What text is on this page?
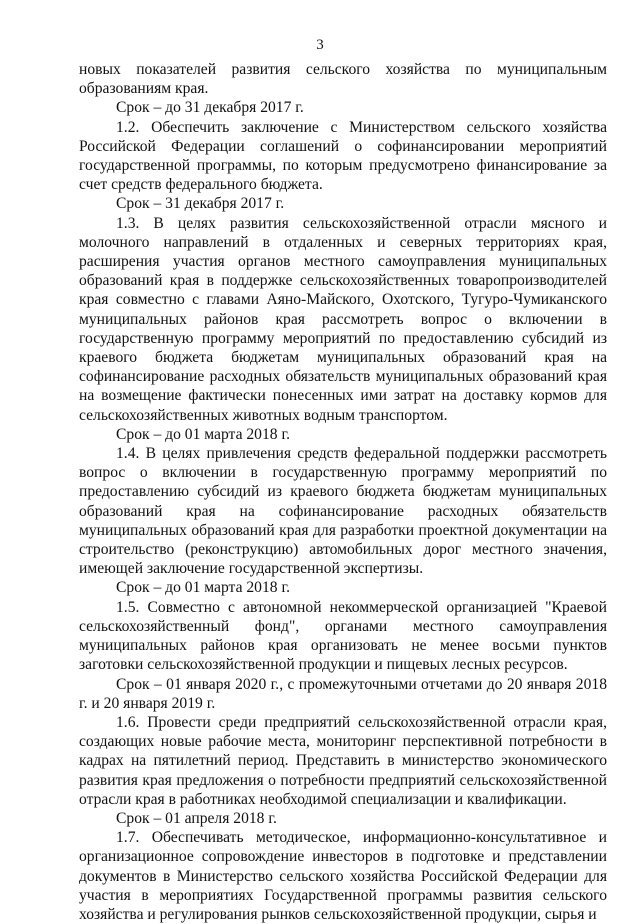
3

новых показателей развития сельского хозяйства по муниципальным образованиям края.

Срок – до 31 декабря 2017 г.

1.2. Обеспечить заключение с Министерством сельского хозяйства Российской Федерации соглашений о софинансировании мероприятий государственной программы, по которым предусмотрено финансирование за счет средств федерального бюджета.

Срок – 31 декабря 2017 г.

1.3. В целях развития сельскохозяйственной отрасли мясного и молочного направлений в отдаленных и северных территориях края, расширения участия органов местного самоуправления муниципальных образований края в поддержке сельскохозяйственных товаропроизводителей края совместно с главами Аяно-Майского, Охотского, Тугуро-Чумиканского муниципальных районов края рассмотреть вопрос о включении в государственную программу мероприятий по предоставлению субсидий из краевого бюджета бюджетам муниципальных образований края на софинансирование расходных обязательств муниципальных образований края на возмещение фактически понесенных ими затрат на доставку кормов для сельскохозяйственных животных водным транспортом.

Срок – до 01 марта 2018 г.

1.4. В целях привлечения средств федеральной поддержки рассмотреть вопрос о включении в государственную программу мероприятий по предоставлению субсидий из краевого бюджета бюджетам муниципальных образований края на софинансирование расходных обязательств муниципальных образований края для разработки проектной документации на строительство (реконструкцию) автомобильных дорог местного значения, имеющей заключение государственной экспертизы.

Срок – до 01 марта 2018 г.

1.5. Совместно с автономной некоммерческой организацией "Краевой сельскохозяйственный фонд", органами местного самоуправления муниципальных районов края организовать не менее восьми пунктов заготовки сельскохозяйственной продукции и пищевых лесных ресурсов.

Срок – 01 января 2020 г., с промежуточными отчетами до 20 января 2018 г. и 20 января 2019 г.

1.6. Провести среди предприятий сельскохозяйственной отрасли края, создающих новые рабочие места, мониторинг перспективной потребности в кадрах на пятилетний период. Представить в министерство экономического развития края предложения о потребности предприятий сельскохозяйственной отрасли края в работниках необходимой специализации и квалификации.

Срок – 01 апреля 2018 г.

1.7. Обеспечивать методическое, информационно-консультативное и организационное сопровождение инвесторов в подготовке и представлении документов в Министерство сельского хозяйства Российской Федерации для участия в мероприятиях Государственной программы развития сельского хозяйства и регулирования рынков сельскохозяйственной продукции, сырья и
